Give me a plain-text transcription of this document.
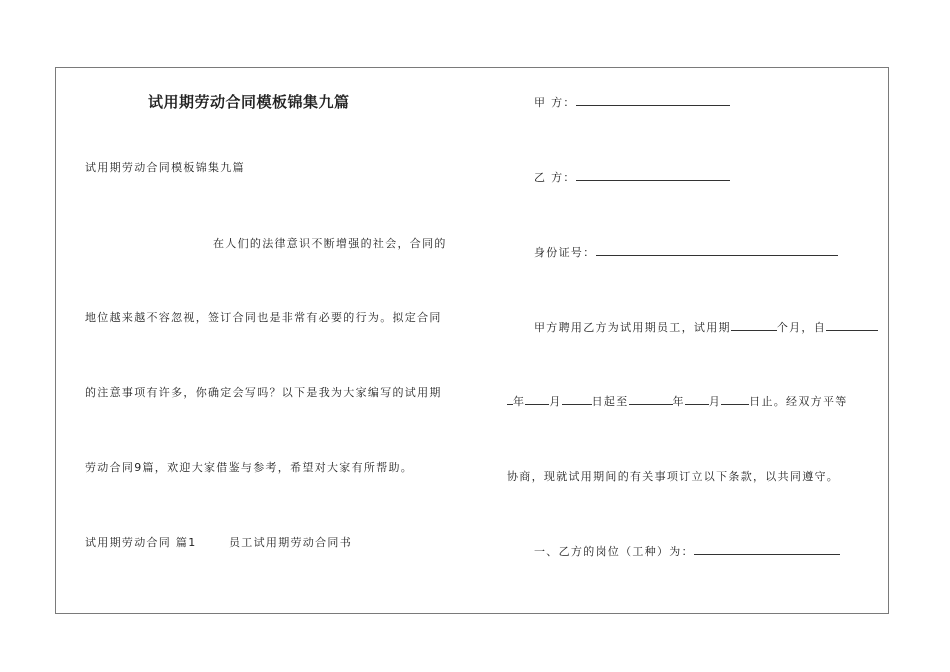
试用期劳动合同模板锦集九篇
试用期劳动合同模板锦集九篇
在人们的法律意识不断增强的社会，合同的
地位越来越不容忽视，签订合同也是非常有必要的行为。拟定合同
的注意事项有许多，你确定会写吗？以下是我为大家编写的试用期
劳动合同9篇，欢迎大家借鉴与参考，希望对大家有所帮助。
试用期劳动合同 篇1	员工试用期劳动合同书
甲 方：
乙 方：
身份证号：
甲方聘用乙方为试用期员工，试用期	个月，自
年 月	日起至	年 月	日止。经双方平等
协商，现就试用期间的有关事项订立以下条款，以共同遵守。
一、乙方的岗位（工种）为：
